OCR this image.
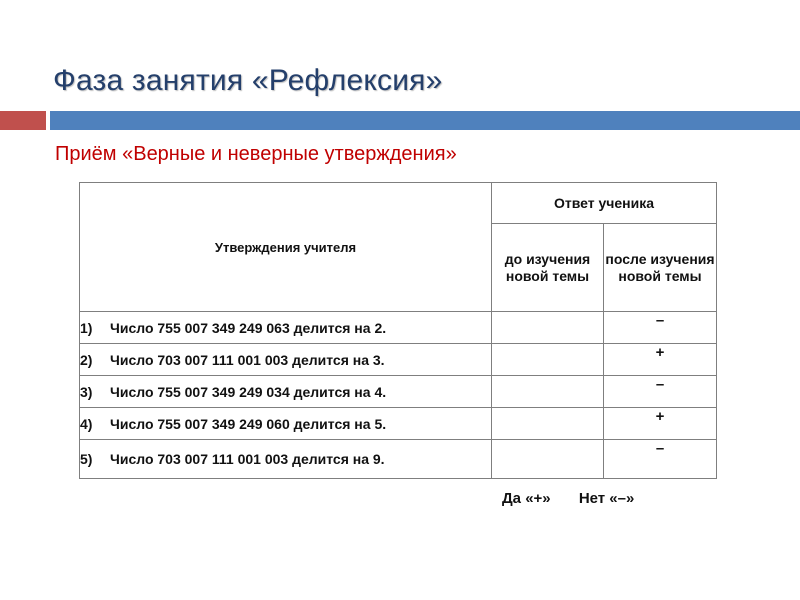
Фаза занятия «Рефлексия»
Приём «Верные и неверные утверждения»
Утверждения учителя	Ответ ученика	
	до изучения новой темы	после изучения новой темы
1) Число 755 007 349 249 063 делится на 2.		–
2) Число 703 007 111 001 003 делится на 3.		+
3) Число 755 007 349 249 034 делится на 4.		–
4) Число 755 007 349 249 060 делится на 5.		+
5) Число 703 007 111 001 003 делится на 9.		–
Да «+» Нет «–»
